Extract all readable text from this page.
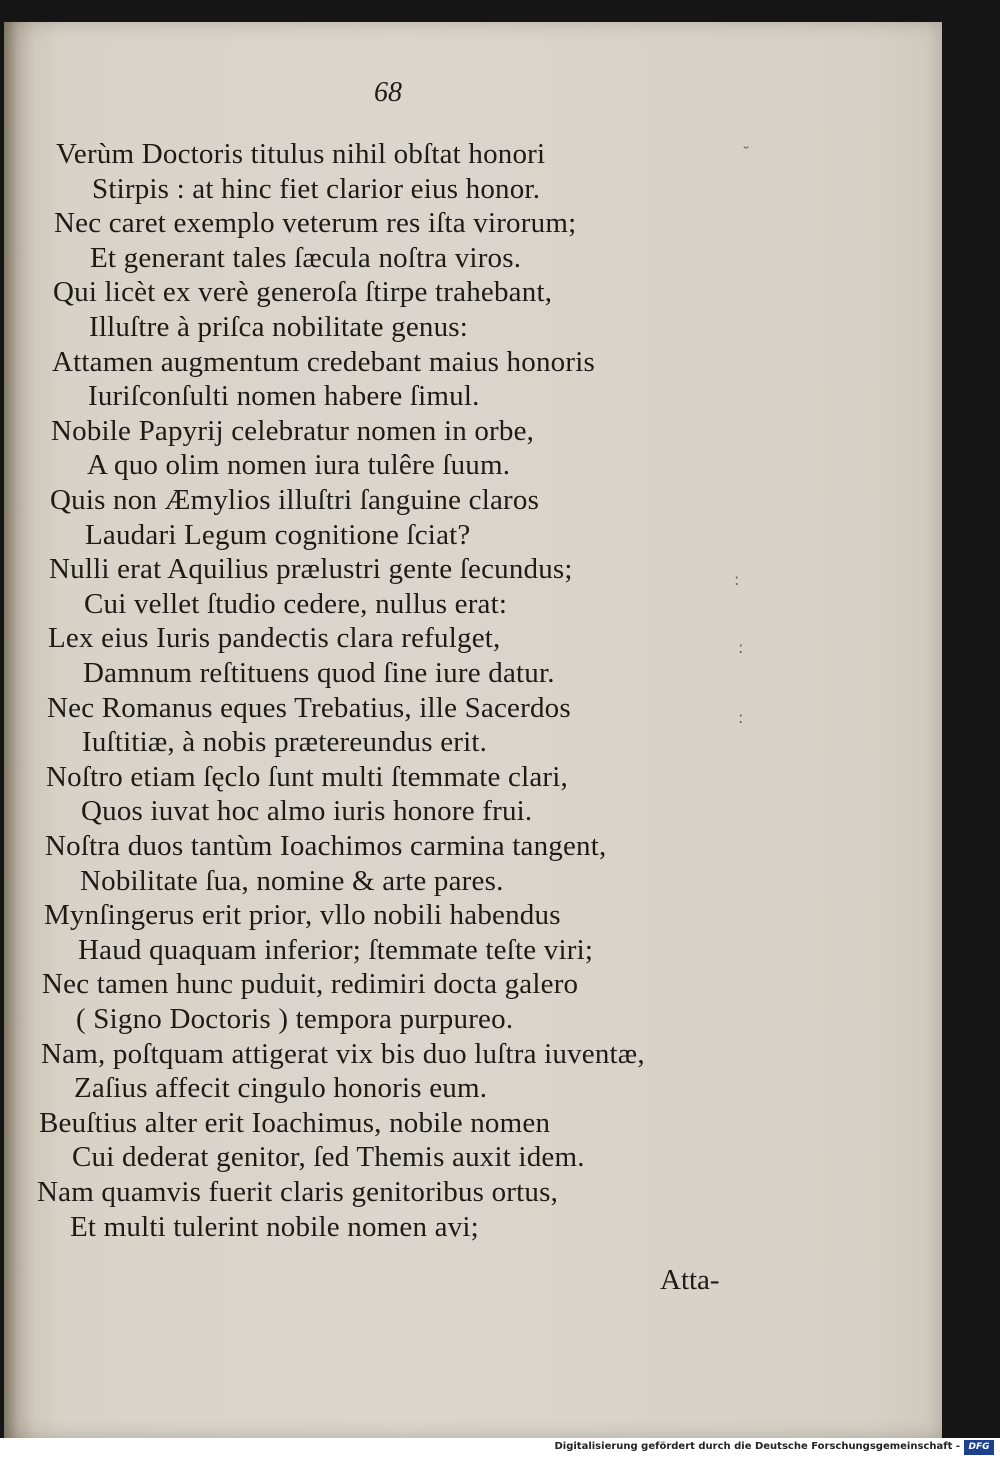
68
Verùm Doctoris titulus nihil obſtat honori
Stirpis : at hinc fiet clarior eius honor.
Nec caret exemplo veterum res iſta virorum;
Et generant tales ſæcula noſtra viros.
Qui licèt ex verè generoſa ſtirpe trahebant,
Illuſtre à priſca nobilitate genus:
Attamen augmentum credebant maius honoris
Iuriſconſulti nomen habere ſimul.
Nobile Papyrij celebratur nomen in orbe,
A quo olim nomen iura tulêre ſuum.
Quis non Æmylios illuſtri ſanguine claros
Laudari Legum cognitione ſciat?
Nulli erat Aquilius prælustri gente ſecundus;
Cui vellet ſtudio cedere, nullus erat:
Lex eius Iuris pandectis clara refulget,
Damnum reſtituens quod ſine iure datur.
Nec Romanus eques Trebatius, ille Sacerdos
Iuſtitiæ, à nobis prætereundus erit.
Noſtro etiam ſęclo ſunt multi ſtemmate clari,
Quos iuvat hoc almo iuris honore frui.
Noſtra duos tantùm Ioachimos carmina tangent,
Nobilitate ſua, nomine & arte pares.
Mynſingerus erit prior, vllo nobili habendus
Haud quaquam inferior; ſtemmate teſte viri;
Nec tamen hunc puduit, redimiri docta galero
( Signo Doctoris ) tempora purpureo.
Nam, poſtquam attigerat vix bis duo luſtra iuventæ,
Zaſius affecit cingulo honoris eum.
Beuſtius alter erit Ioachimus, nobile nomen
Cui dederat genitor, ſed Themis auxit idem.
Nam quamvis fuerit claris genitoribus ortus,
Et multi tulerint nobile nomen avi;
Atta-
˘
:
:
:
Digitalisierung gefördert durch die Deutsche Forschungsgemeinschaft - DFG
